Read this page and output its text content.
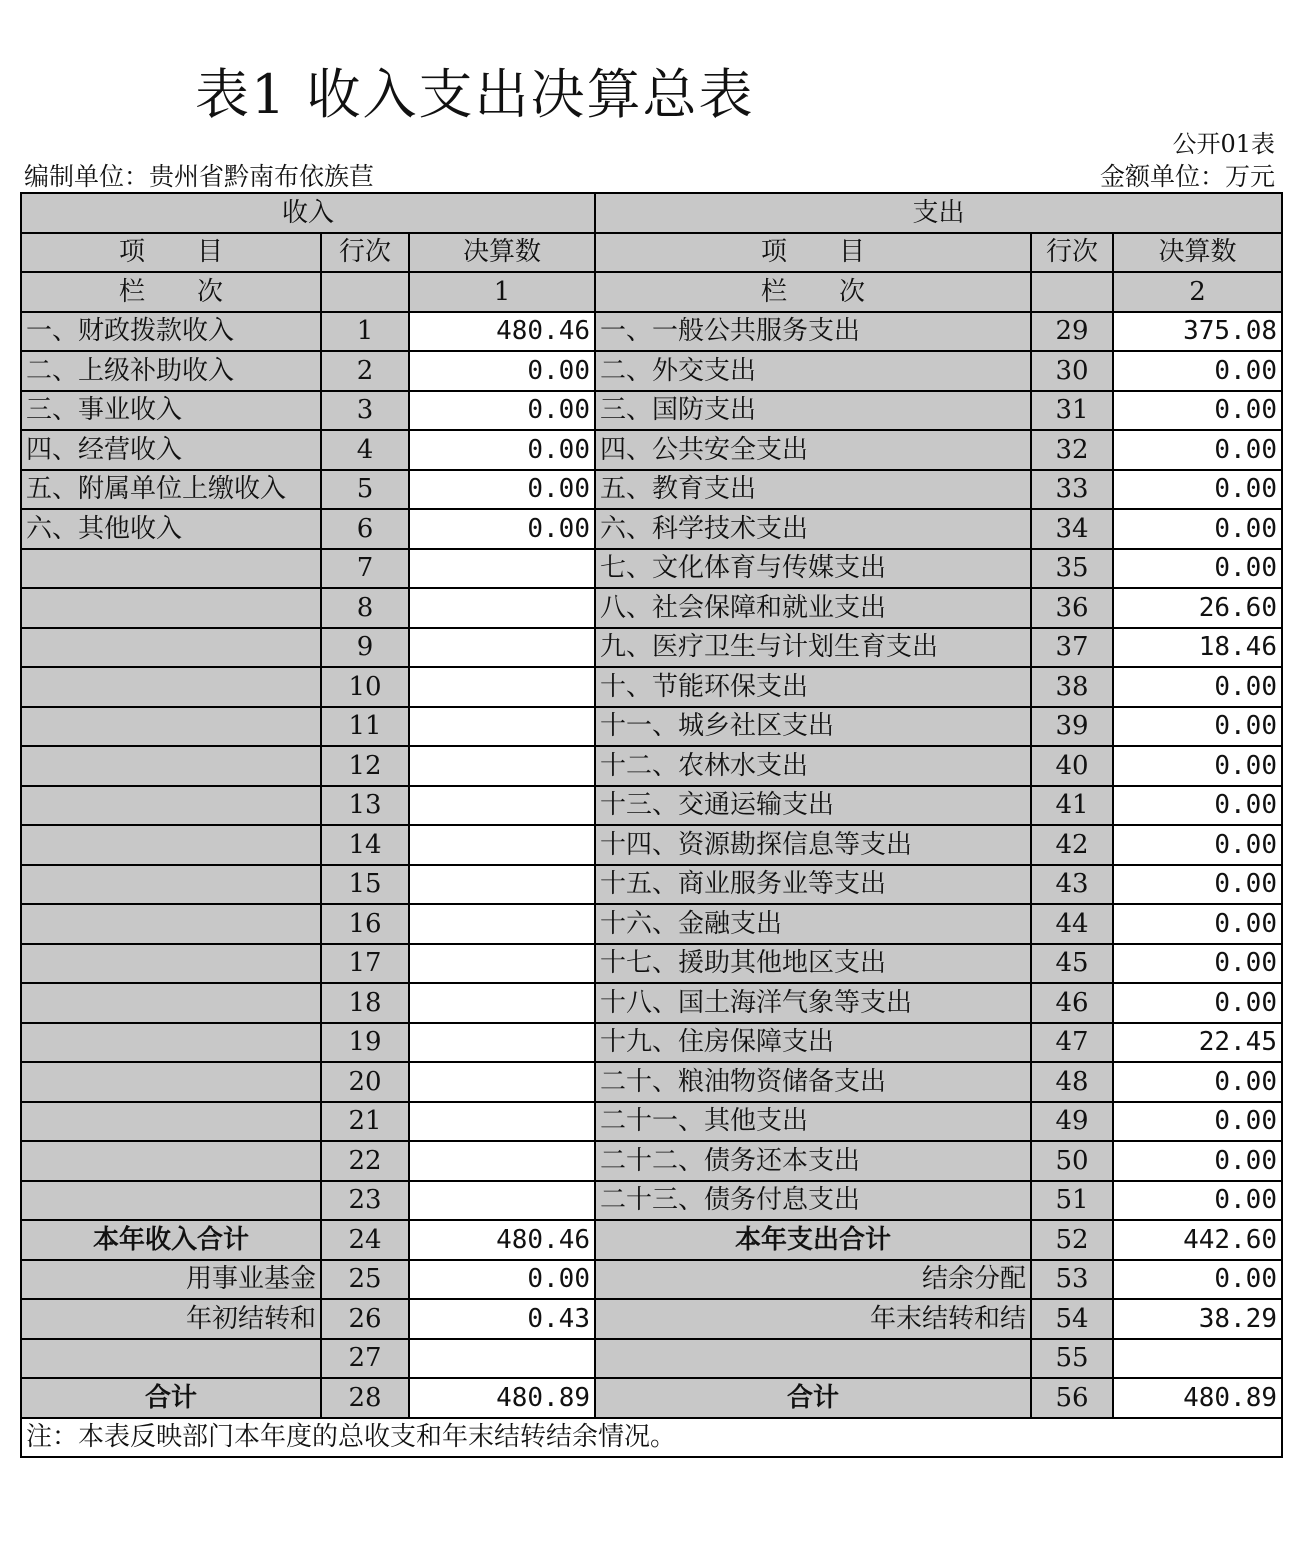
表1 收入支出决算总表
公开01表
编制单位：贵州省黔南布依族苣	金额单位：万元
收入			支出		
项　　目	行次	决算数	项　　目	行次	决算数
栏　　次		1	栏　　次		2
一、财政拨款收入	1	480.46	一、一般公共服务支出	29	375.08
二、上级补助收入	2	0.00	二、外交支出	30	0.00
三、事业收入	3	0.00	三、国防支出	31	0.00
四、经营收入	4	0.00	四、公共安全支出	32	0.00
五、附属单位上缴收入	5	0.00	五、教育支出	33	0.00
六、其他收入	6	0.00	六、科学技术支出	34	0.00
	7		七、文化体育与传媒支出	35	0.00
	8		八、社会保障和就业支出	36	26.60
	9		九、医疗卫生与计划生育支出	37	18.46
	10		十、节能环保支出	38	0.00
	11		十一、城乡社区支出	39	0.00
	12		十二、农林水支出	40	0.00
	13		十三、交通运输支出	41	0.00
	14		十四、资源勘探信息等支出	42	0.00
	15		十五、商业服务业等支出	43	0.00
	16		十六、金融支出	44	0.00
	17		十七、援助其他地区支出	45	0.00
	18		十八、国土海洋气象等支出	46	0.00
	19		十九、住房保障支出	47	22.45
	20		二十、粮油物资储备支出	48	0.00
	21		二十一、其他支出	49	0.00
	22		二十二、债务还本支出	50	0.00
	23		二十三、债务付息支出	51	0.00
本年收入合计	24	480.46	本年支出合计	52	442.60
用事业基金	25	0.00	结余分配	53	0.00
年初结转和	26	0.43	年末结转和结	54	38.29
	27			55	
合计	28	480.89	合计	56	480.89
注：本表反映部门本年度的总收支和年末结转结余情况。					
